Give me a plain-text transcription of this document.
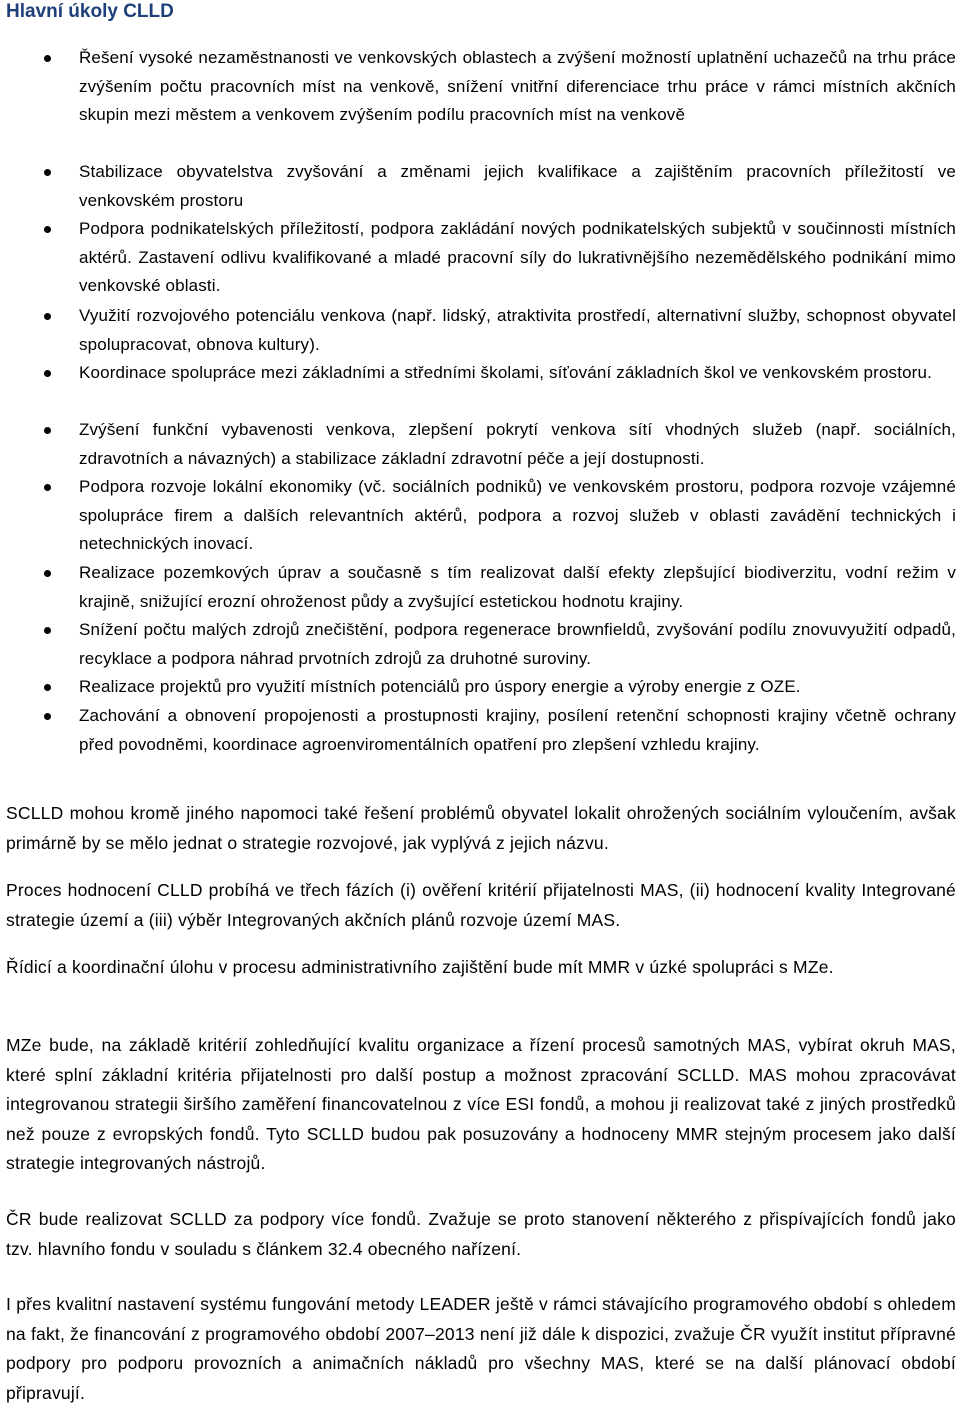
Hlavní úkoly CLLD
Řešení vysoké nezaměstnanosti ve venkovských oblastech a zvýšení možností uplatnění uchazečů na trhu práce zvýšením počtu pracovních míst na venkově, snížení vnitřní diferenciace trhu práce v rámci místních akčních skupin mezi městem a venkovem zvýšením podílu pracovních míst na venkově
Stabilizace obyvatelstva zvyšování a změnami jejich kvalifikace a zajištěním pracovních příležitostí ve venkovském prostoru
Podpora podnikatelských příležitostí, podpora zakládání nových podnikatelských subjektů v součinnosti místních aktérů. Zastavení odlivu kvalifikované a mladé pracovní síly do lukrativnějšího nezemědělského podnikání mimo venkovské oblasti.
Využití rozvojového potenciálu venkova (např. lidský, atraktivita prostředí, alternativní služby, schopnost obyvatel spolupracovat, obnova kultury).
Koordinace spolupráce mezi základními a středními školami, síťování základních škol ve venkovském prostoru.
Zvýšení funkční vybavenosti venkova, zlepšení pokrytí venkova sítí vhodných služeb (např. sociálních, zdravotních a návazných) a stabilizace základní zdravotní péče a její dostupnosti.
Podpora rozvoje lokální ekonomiky (vč. sociálních podniků) ve venkovském prostoru, podpora rozvoje vzájemné spolupráce firem a dalších relevantních aktérů, podpora a rozvoj služeb v oblasti zavádění technických i netechnických inovací.
Realizace pozemkových úprav a současně s tím realizovat další efekty zlepšující biodiverzitu, vodní režim v krajině, snižující erozní ohroženost půdy a zvyšující estetickou hodnotu krajiny.
Snížení počtu malých zdrojů znečištění, podpora regenerace brownfieldů, zvyšování podílu znovuvyužití odpadů, recyklace a podpora náhrad prvotních zdrojů za druhotné suroviny.
Realizace projektů pro využití místních potenciálů pro úspory energie a výroby energie z OZE.
Zachování a obnovení propojenosti a prostupnosti krajiny, posílení retenční schopnosti krajiny včetně ochrany před povodněmi, koordinace agroenviromentálních opatření pro zlepšení vzhledu krajiny.
SCLLD mohou kromě jiného napomoci také řešení problémů obyvatel lokalit ohrožených sociálním vyloučením, avšak primárně by se mělo jednat o strategie rozvojové, jak vyplývá z jejich názvu.
Proces hodnocení CLLD probíhá ve třech fázích (i) ověření kritérií přijatelnosti MAS, (ii) hodnocení kvality Integrované strategie území a (iii) výběr Integrovaných akčních plánů rozvoje území MAS.
Řídicí a koordinační úlohu v procesu administrativního zajištění bude mít MMR v úzké spolupráci s MZe.
MZe bude, na základě kritérií zohledňující kvalitu organizace a řízení procesů samotných MAS, vybírat okruh MAS, které splní základní kritéria přijatelnosti pro další postup a možnost zpracování SCLLD. MAS mohou zpracovávat integrovanou strategii širšího zaměření financovatelnou z více ESI fondů, a mohou ji realizovat také z jiných prostředků než pouze z evropských fondů. Tyto SCLLD budou pak posuzovány a hodnoceny MMR stejným procesem jako další strategie integrovaných nástrojů.
ČR bude realizovat SCLLD za podpory více fondů. Zvažuje se proto stanovení některého z přispívajících fondů jako tzv. hlavního fondu v souladu s článkem 32.4 obecného nařízení.
I přes kvalitní nastavení systému fungování metody LEADER ještě v rámci stávajícího programového období s ohledem na fakt, že financování z programového období 2007–2013 není již dále k dispozici, zvažuje ČR využít institut přípravné podpory pro podporu provozních a animačních nákladů pro všechny MAS, které se na další plánovací období připravují.
